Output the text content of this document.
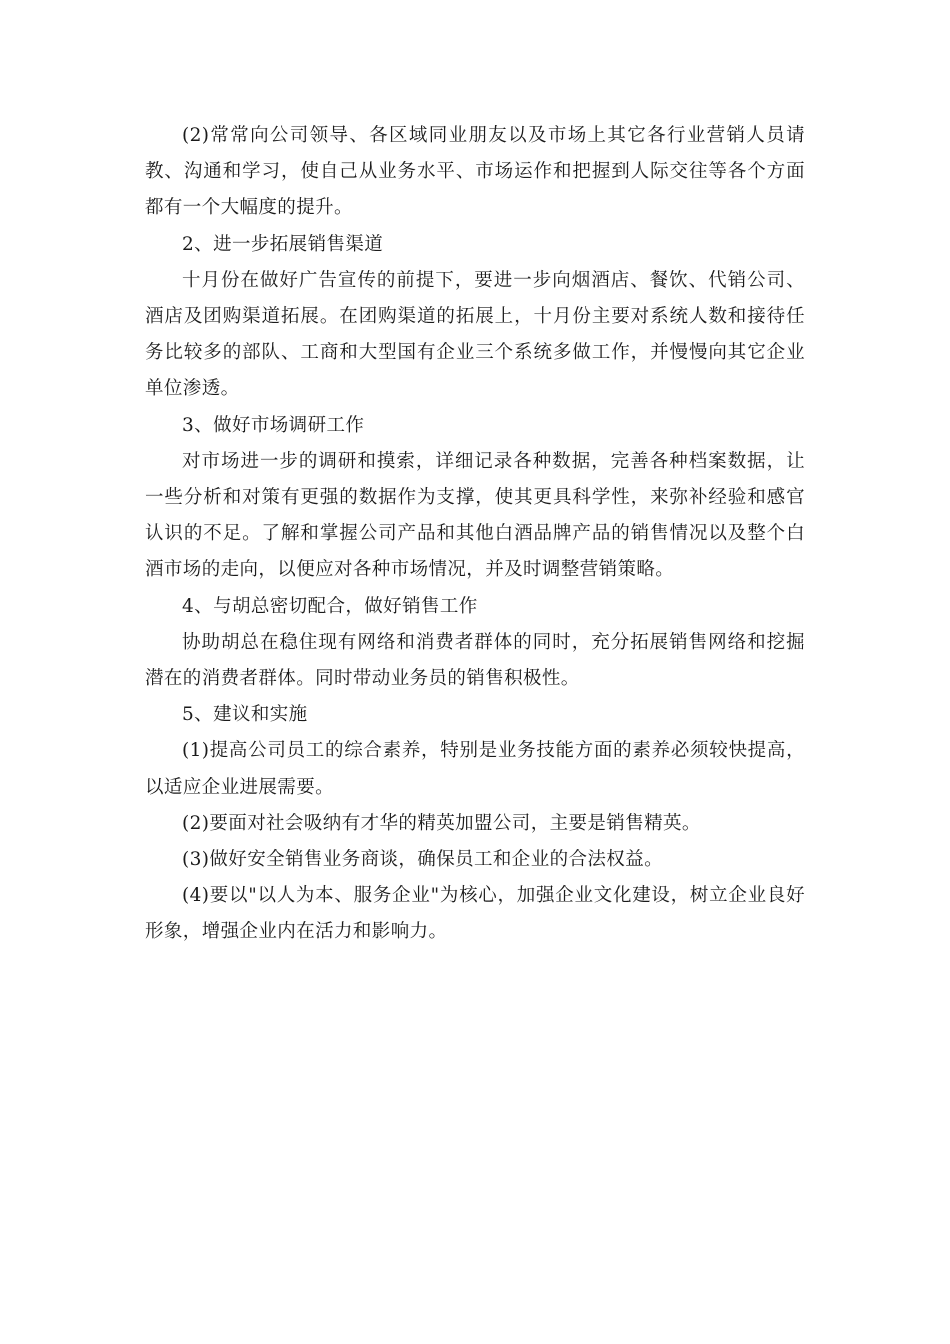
(2)常常向公司领导、各区域同业朋友以及市场上其它各行业营销人员请教、沟通和学习，使自己从业务水平、市场运作和把握到人际交往等各个方面都有一个大幅度的提升。

2、进一步拓展销售渠道

十月份在做好广告宣传的前提下，要进一步向烟酒店、餐饮、代销公司、酒店及团购渠道拓展。在团购渠道的拓展上，十月份主要对系统人数和接待任务比较多的部队、工商和大型国有企业三个系统多做工作，并慢慢向其它企业单位渗透。

3、做好市场调研工作

对市场进一步的调研和摸索，详细记录各种数据，完善各种档案数据，让一些分析和对策有更强的数据作为支撑，使其更具科学性，来弥补经验和感官认识的不足。了解和掌握公司产品和其他白酒品牌产品的销售情况以及整个白酒市场的走向，以便应对各种市场情况，并及时调整营销策略。

4、与胡总密切配合，做好销售工作

协助胡总在稳住现有网络和消费者群体的同时，充分拓展销售网络和挖掘潜在的消费者群体。同时带动业务员的销售积极性。

5、建议和实施

(1)提高公司员工的综合素养，特别是业务技能方面的素养必须较快提高，以适应企业进展需要。

(2)要面对社会吸纳有才华的精英加盟公司，主要是销售精英。

(3)做好安全销售业务商谈，确保员工和企业的合法权益。

(4)要以"以人为本、服务企业"为核心，加强企业文化建设，树立企业良好形象，增强企业内在活力和影响力。
